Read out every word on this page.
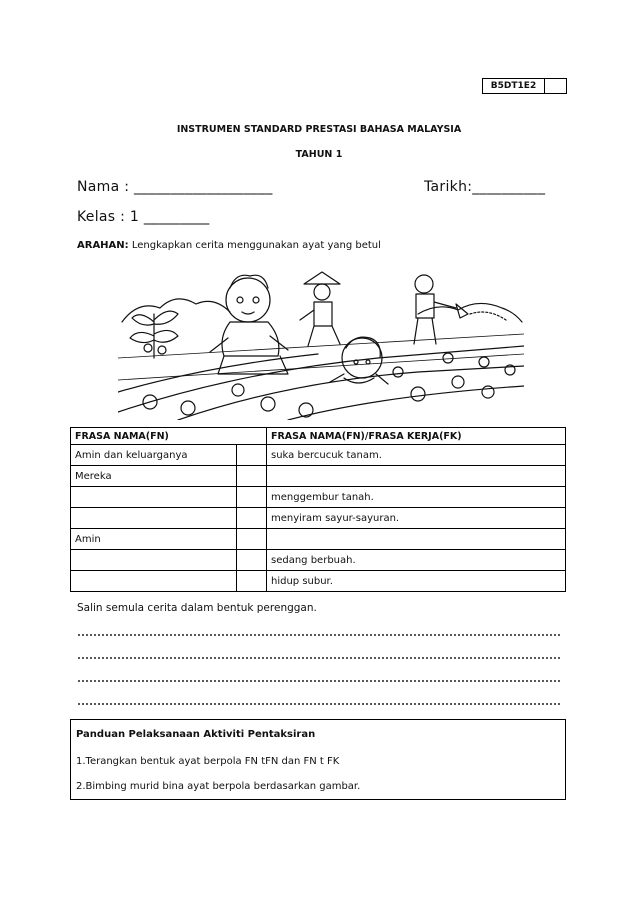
B5DT1E2
INSTRUMEN STANDARD PRESTASI BAHASA MALAYSIA
TAHUN 1
Nama : ___________________	Tarikh:__________
Kelas : 1 _________
ARAHAN: Lengkapkan cerita menggunakan ayat yang betul
FRASA NAMA(FN)		FRASA NAMA(FN)/FRASA KERJA(FK)
Amin dan keluarganya		suka bercucuk tanam.
Mereka		
		menggembur tanah.
		menyiram sayur-sayuran.
Amin		
		sedang berbuah.
		hidup subur.
Salin semula cerita dalam bentuk perenggan.
Panduan Pelaksanaan Aktiviti Pentaksiran
1.Terangkan bentuk ayat berpola FN tFN dan FN t FK
2.Bimbing murid bina ayat berpola berdasarkan gambar.
